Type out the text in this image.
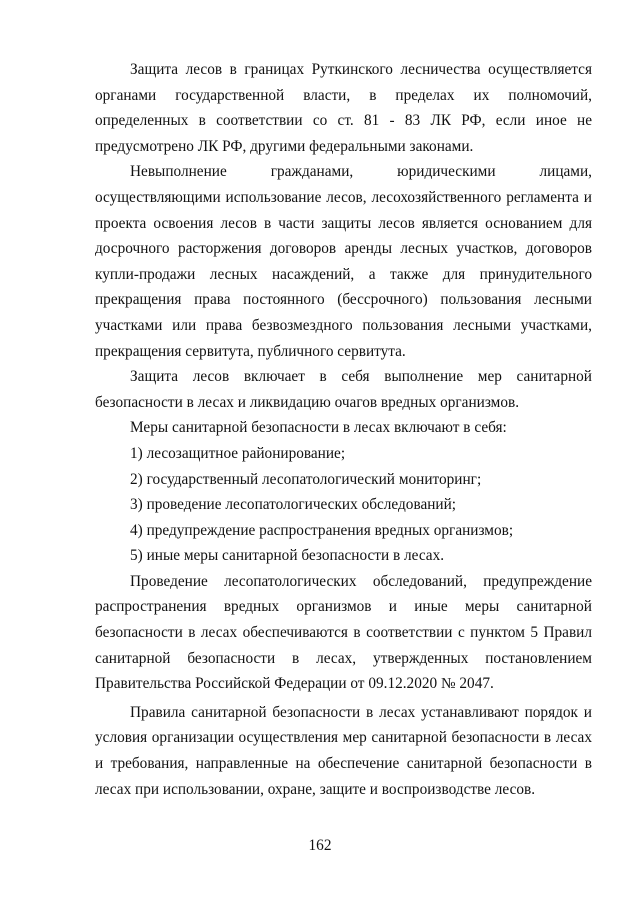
Защита лесов в границах Руткинского лесничества осуществляется органами государственной власти, в пределах их полномочий, определенных в соответствии со ст. 81 - 83 ЛК РФ, если иное не предусмотрено ЛК РФ, другими федеральными законами.

Невыполнение гражданами, юридическими лицами, осуществляющими использование лесов, лесохозяйственного регламента и проекта освоения лесов в части защиты лесов является основанием для досрочного расторжения договоров аренды лесных участков, договоров купли-продажи лесных насаждений, а также для принудительного прекращения права постоянного (бессрочного) пользования лесными участками или права безвозмездного пользования лесными участками, прекращения сервитута, публичного сервитута.

Защита лесов включает в себя выполнение мер санитарной безопасности в лесах и ликвидацию очагов вредных организмов.

Меры санитарной безопасности в лесах включают в себя:

1) лесозащитное районирование;

2) государственный лесопатологический мониторинг;

3) проведение лесопатологических обследований;

4) предупреждение распространения вредных организмов;

5) иные меры санитарной безопасности в лесах.

Проведение лесопатологических обследований, предупреждение распространения вредных организмов и иные меры санитарной безопасности в лесах обеспечиваются в соответствии с пунктом 5 Правил санитарной безопасности в лесах, утвержденных постановлением Правительства Российской Федерации от 09.12.2020 № 2047.

Правила санитарной безопасности в лесах устанавливают порядок и условия организации осуществления мер санитарной безопасности в лесах и требования, направленные на обеспечение санитарной безопасности в лесах при использовании, охране, защите и воспроизводстве лесов.

162
